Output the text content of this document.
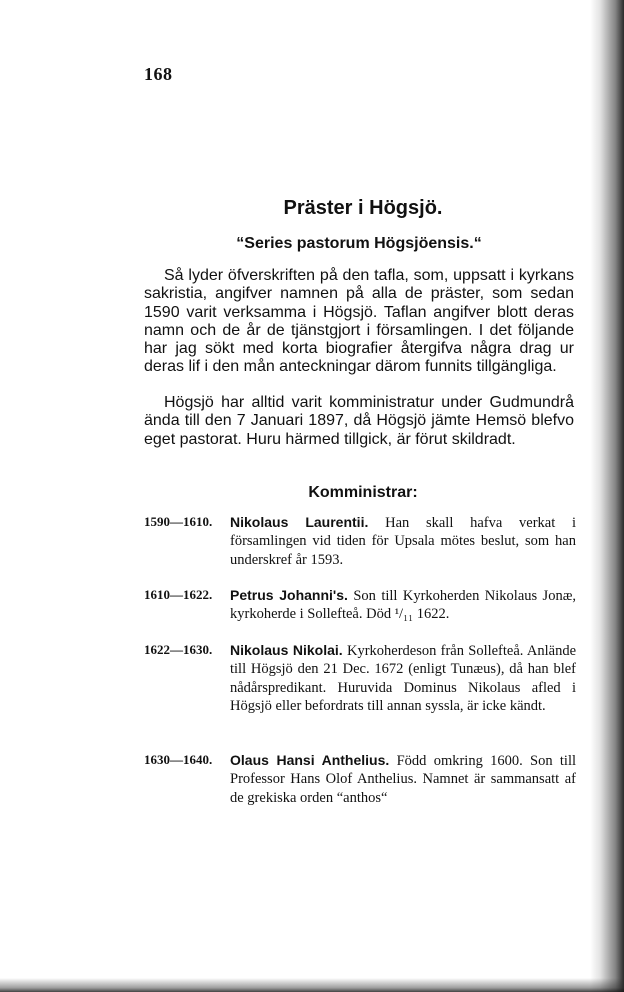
168
Präster i Högsjö.
“Series pastorum Högsjöensis.“

Så lyder öfverskriften på den tafla, som, uppsatt i kyrkans sakristia, angifver namnen på alla de präster, som sedan 1590 varit verksamma i Högsjö. Taflan angifver blott deras namn och de år de tjänstgjort i församlingen. I det följande har jag sökt med korta biografier återgifva några drag ur deras lif i den mån anteckningar därom funnits tillgängliga.

Högsjö har alltid varit komministratur under Gudmundrå ända till den 7 Januari 1897, då Högsjö jämte Hemsö blefvo eget pastorat. Huru härmed tillgick, är förut skildradt.

Komministrar:
1590—1610. Nikolaus Laurentii. Han skall hafva verkat i församlingen vid tiden för Upsala mötes beslut, som han underskref år 1593.
1610—1622. Petrus Johanni's. Son till Kyrkoherden Nikolaus Jonæ, kyrkoherde i Sollefteå. Död ¹/₁₁ 1622.
1622—1630. Nikolaus Nikolai. Kyrkoherdeson från Sollefteå. Anlände till Högsjö den 21 Dec. 1672 (enligt Tunæus), då han blef nådårspredikant. Huruvida Dominus Nikolaus afled i Högsjö eller befordrats till annan syssla, är icke kändt.
1630—1640. Olaus Hansi Anthelius. Född omkring 1600. Son till Professor Hans Olof Anthelius. Namnet är sammansatt af de grekiska orden “anthos“
